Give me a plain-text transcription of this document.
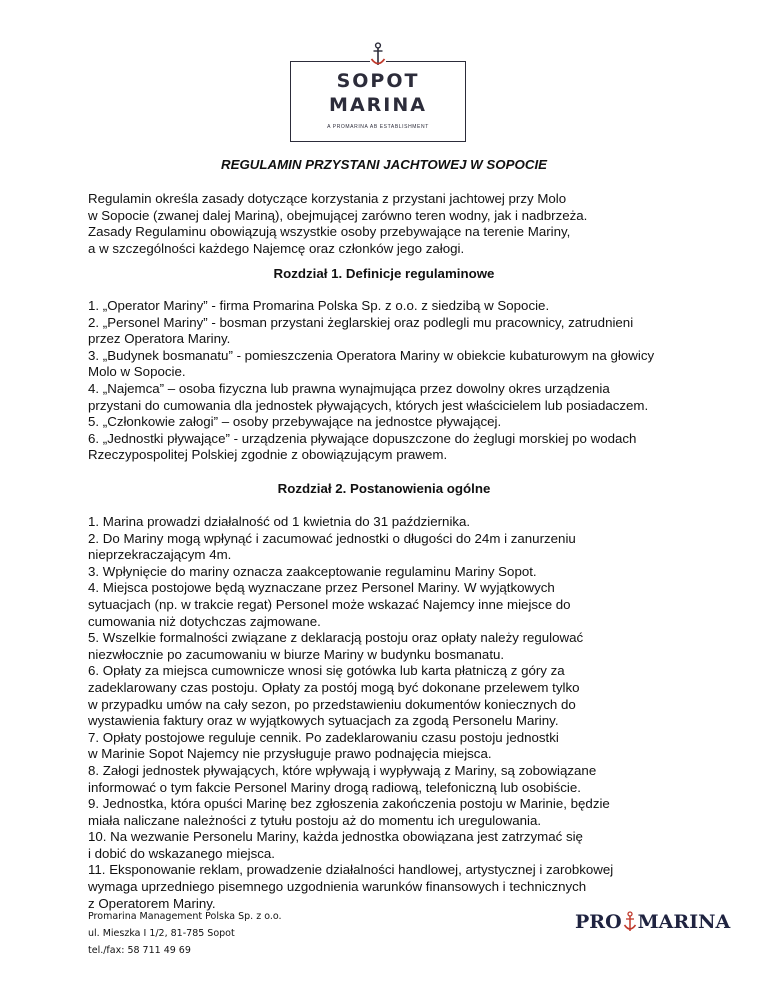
SOPOT
MARINA
A PROMARINA AB ESTABLISHMENT
REGULAMIN PRZYSTANI JACHTOWEJ W SOPOCIE

Regulamin określa zasady dotyczące korzystania z przystani jachtowej przy Molo
w Sopocie (zwanej dalej Mariną), obejmującej zarówno teren wodny, jak i nadbrzeża.
Zasady Regulaminu obowiązują wszystkie osoby przebywające na terenie Mariny,
a w szczególności każdego Najemcę oraz członków jego załogi.

Rozdział 1. Definicje regulaminowe
1. „Operator Mariny” - firma Promarina Polska Sp. z o.o. z siedzibą w Sopocie.
2. „Personel Mariny” - bosman przystani żeglarskiej oraz podlegli mu pracownicy, zatrudnieni
przez Operatora Mariny.
3. „Budynek bosmanatu” - pomieszczenia Operatora Mariny w obiekcie kubaturowym na głowicy
Molo w Sopocie.
4. „Najemca” – osoba fizyczna lub prawna wynajmująca przez dowolny okres urządzenia
przystani do cumowania dla jednostek pływających, których jest właścicielem lub posiadaczem.
5. „Członkowie załogi” – osoby przebywające na jednostce pływającej.
6. „Jednostki pływające” - urządzenia pływające dopuszczone do żeglugi morskiej po wodach
Rzeczypospolitej Polskiej zgodnie z obowiązującym prawem.
Rozdział 2. Postanowienia ogólne
1. Marina prowadzi działalność od 1 kwietnia do 31 października.
2. Do Mariny mogą wpłynąć i zacumować jednostki o długości do 24m i zanurzeniu
nieprzekraczającym 4m.
3. Wpłynięcie do mariny oznacza zaakceptowanie regulaminu Mariny Sopot.
4. Miejsca postojowe będą wyznaczane przez Personel Mariny. W wyjątkowych
sytuacjach (np. w trakcie regat) Personel może wskazać Najemcy inne miejsce do
cumowania niż dotychczas zajmowane.
5. Wszelkie formalności związane z deklaracją postoju oraz opłaty należy regulować
niezwłocznie po zacumowaniu w biurze Mariny w budynku bosmanatu.
6. Opłaty za miejsca cumownicze wnosi się gotówka lub karta płatniczą z góry za
zadeklarowany czas postoju. Opłaty za postój mogą być dokonane przelewem tylko
w przypadku umów na cały sezon, po przedstawieniu dokumentów koniecznych do
wystawienia faktury oraz w wyjątkowych sytuacjach za zgodą Personelu Mariny.
7. Opłaty postojowe reguluje cennik. Po zadeklarowaniu czasu postoju jednostki
w Marinie Sopot Najemcy nie przysługuje prawo podnajęcia miejsca.
8. Załogi jednostek pływających, które wpływają i wypływają z Mariny, są zobowiązane
informować o tym fakcie Personel Mariny drogą radiową, telefoniczną lub osobiście.
9. Jednostka, która opuści Marinę bez zgłoszenia zakończenia postoju w Marinie, będzie
miała naliczane należności z tytułu postoju aż do momentu ich uregulowania.
10. Na wezwanie Personelu Mariny, każda jednostka obowiązana jest zatrzymać się
i dobić do wskazanego miejsca.
11. Eksponowanie reklam, prowadzenie działalności handlowej, artystycznej i zarobkowej
wymaga uprzedniego pisemnego uzgodnienia warunków finansowych i technicznych
z Operatorem Mariny.
Promarina Management Polska Sp. z o.o.
ul. Mieszka I 1/2, 81-785 Sopot
tel./fax: 58 711 49 69
PRO MARINA
